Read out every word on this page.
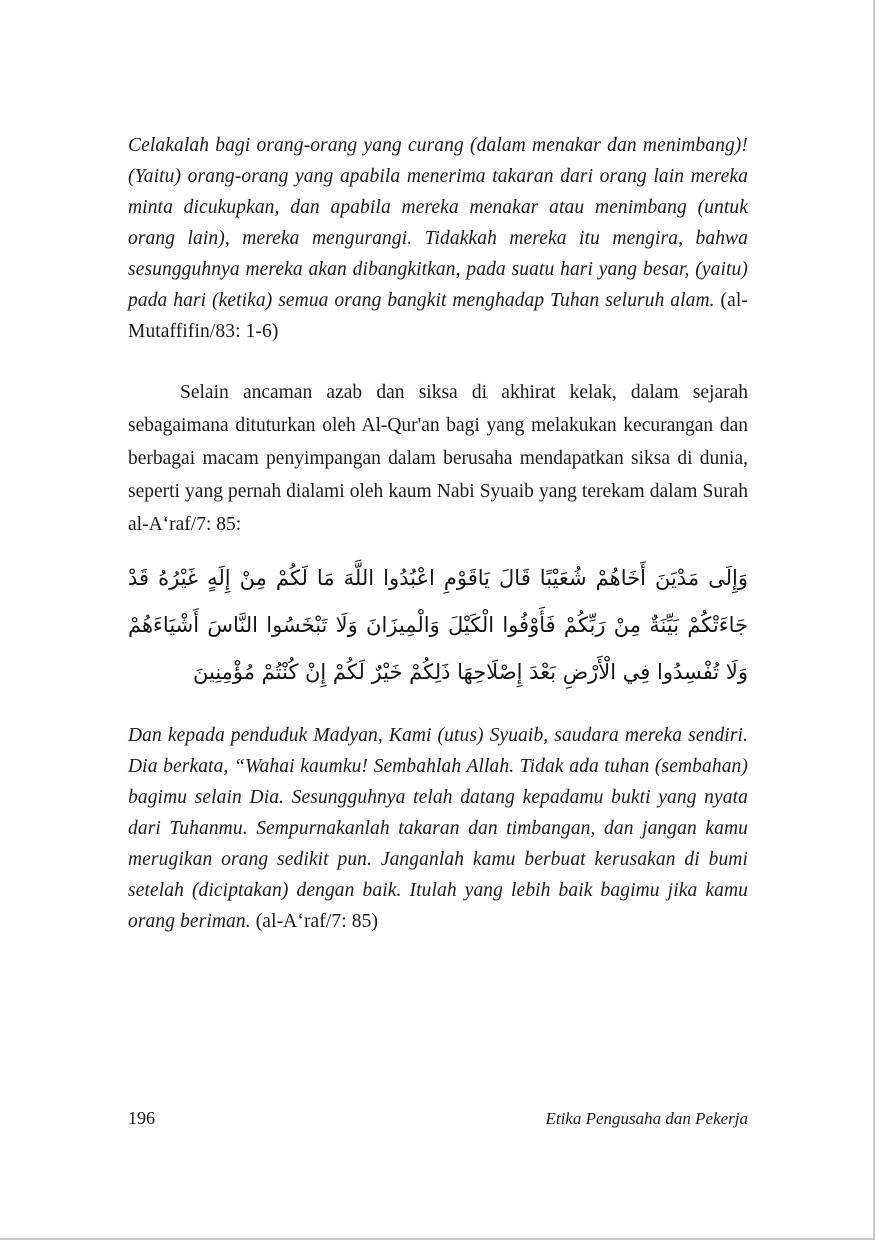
Celakalah bagi orang-orang yang curang (dalam menakar dan menimbang)! (Yaitu) orang-orang yang apabila menerima takaran dari orang lain mereka minta dicukupkan, dan apabila mereka menakar atau menimbang (untuk orang lain), mereka mengurangi. Tidakkah mereka itu mengira, bahwa sesungguhnya mereka akan dibangkitkan, pada suatu hari yang besar, (yaitu) pada hari (ketika) semua orang bangkit menghadap Tuhan seluruh alam. (al-Mutaffifin/83: 1-6)

Selain ancaman azab dan siksa di akhirat kelak, dalam sejarah sebagaimana dituturkan oleh Al-Qur'an bagi yang melakukan kecurangan dan berbagai macam penyimpangan dalam berusaha mendapatkan siksa di dunia, seperti yang pernah dialami oleh kaum Nabi Syuaib yang terekam dalam Surah al-A‘raf/7: 85:

وَإِلَى مَدْيَنَ أَخَاهُمْ شُعَيْبًا قَالَ يَاقَوْمِ اعْبُدُوا اللَّهَ مَا لَكُمْ مِنْ إِلَهٍ غَيْرُهُ قَدْ جَاءَتْكُمْ بَيِّنَةٌ مِنْ رَبِّكُمْ فَأَوْفُوا الْكَيْلَ وَالْمِيزَانَ وَلَا تَبْخَسُوا النَّاسَ أَشْيَاءَهُمْ وَلَا تُفْسِدُوا فِي الْأَرْضِ بَعْدَ إِصْلَاحِهَا ذَلِكُمْ خَيْرٌ لَكُمْ إِنْ كُنْتُمْ مُؤْمِنِينَ

Dan kepada penduduk Madyan, Kami (utus) Syuaib, saudara mereka sendiri. Dia berkata, “Wahai kaumku! Sembahlah Allah. Tidak ada tuhan (sembahan) bagimu selain Dia. Sesungguhnya telah datang kepadamu bukti yang nyata dari Tuhanmu. Sempurnakanlah takaran dan timbangan, dan jangan kamu merugikan orang sedikit pun. Janganlah kamu berbuat kerusakan di bumi setelah (diciptakan) dengan baik. Itulah yang lebih baik bagimu jika kamu orang beriman. (al-A‘raf/7: 85)

196	Etika Pengusaha dan Pekerja
